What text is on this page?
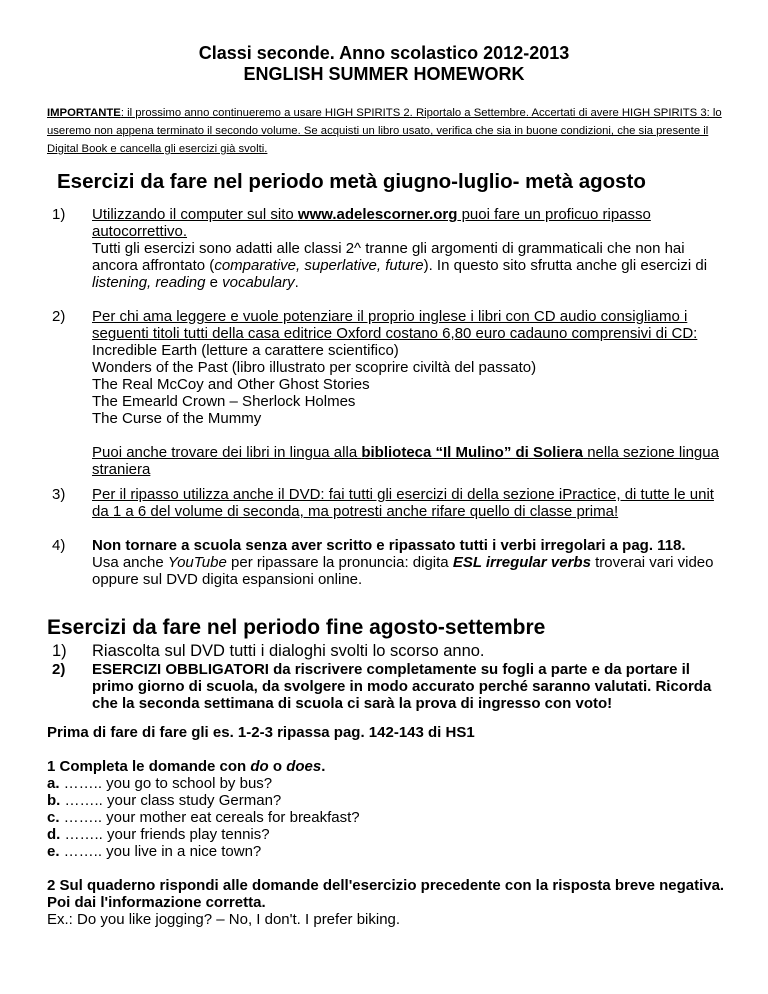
Classi seconde. Anno scolastico 2012-2013
ENGLISH SUMMER HOMEWORK
IMPORTANTE: il prossimo anno continueremo a usare HIGH SPIRITS 2. Riportalo a Settembre. Accertati di avere HIGH SPIRITS 3: lo useremo non appena terminato il secondo volume. Se acquisti un libro usato, verifica che sia in buone condizioni, che sia presente il Digital Book e cancella gli esercizi già svolti.
Esercizi da fare nel periodo metà giugno-luglio- metà agosto
1) Utilizzando il computer sul sito www.adelescorner.org puoi fare un proficuo ripasso autocorrettivo.
Tutti gli esercizi sono adatti alle classi 2^ tranne gli argomenti di grammaticali che non hai ancora affrontato (comparative, superlative, future). In questo sito sfrutta anche gli esercizi di listening, reading e vocabulary.
2) Per chi ama leggere e vuole potenziare il proprio inglese i libri con CD audio consigliamo i seguenti titoli tutti della casa editrice Oxford costano 6,80 euro cadauno comprensivi di CD:
Incredible Earth (letture a carattere scientifico)
Wonders of the Past (libro illustrato per scoprire civiltà del passato)
The Real McCoy and Other Ghost Stories
The Emearld Crown – Sherlock Holmes
The Curse of the Mummy

Puoi anche trovare dei libri in lingua alla biblioteca “Il Mulino” di Soliera nella sezione lingua straniera
3) Per il ripasso utilizza anche il DVD: fai tutti gli esercizi di della sezione iPractice, di tutte le unit da 1 a 6 del volume di seconda, ma potresti anche rifare quello di classe prima!
4) Non tornare a scuola senza aver scritto e ripassato tutti i verbi irregolari a pag. 118.
Usa anche YouTube per ripassare la pronuncia: digita ESL irregular verbs troverai vari video oppure sul DVD digita espansioni online.
Esercizi da fare nel periodo fine agosto-settembre
1) Riascolta sul DVD tutti i dialoghi svolti lo scorso anno.
2) ESERCIZI OBBLIGATORI da riscrivere completamente su fogli a parte e da portare il primo giorno di scuola, da svolgere in modo accurato perché saranno valutati. Ricorda che la seconda settimana di scuola ci sarà la prova di ingresso con voto!
Prima di fare di fare gli es. 1-2-3 ripassa pag. 142-143 di HS1
1 Completa le domande con do o does.
a. …….. you go to school by bus?
b. …….. your class study German?
c. …….. your mother eat cereals for breakfast?
d. …….. your friends play tennis?
e. …….. you live in a nice town?
2 Sul quaderno rispondi alle domande dell'esercizio precedente con la risposta breve negativa. Poi dai l'informazione corretta.
Ex.: Do you like jogging? – No, I don't. I prefer biking.
